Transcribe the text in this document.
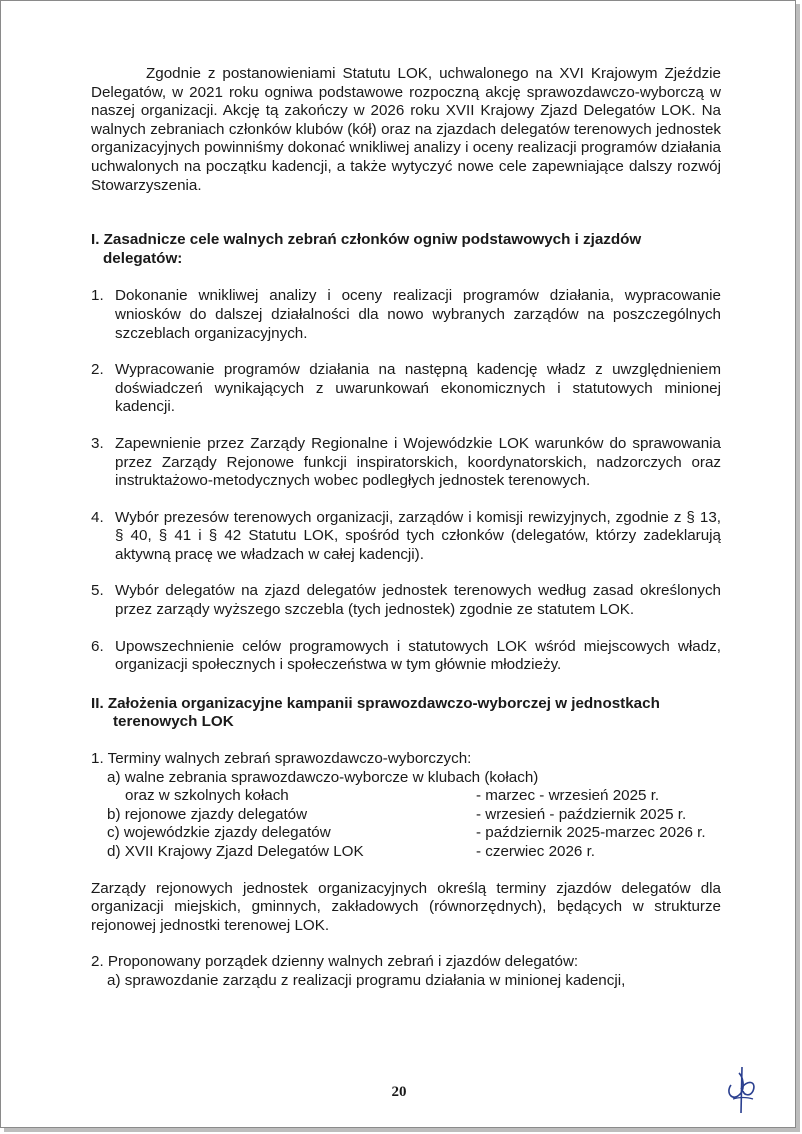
Zgodnie z postanowieniami Statutu LOK, uchwalonego na XVI Krajowym Zjeździe Delegatów, w 2021 roku ogniwa podstawowe rozpoczną akcję sprawozdawczo-wyborczą w naszej organizacji. Akcję tą zakończy w 2026 roku XVII Krajowy Zjazd Delegatów LOK. Na walnych zebraniach członków klubów (kół) oraz na zjazdach delegatów terenowych jednostek organizacyjnych powinniśmy dokonać wnikliwej analizy i oceny realizacji programów działania uchwalonych na początku kadencji, a także wytyczyć nowe cele zapewniające dalszy rozwój Stowarzyszenia.

I. Zasadnicze cele walnych zebrań członków ogniw podstawowych i zjazdów delegatów:

1. Dokonanie wnikliwej analizy i oceny realizacji programów działania, wypracowanie wniosków do dalszej działalności dla nowo wybranych zarządów na poszczególnych szczeblach organizacyjnych.
2. Wypracowanie programów działania na następną kadencję władz z uwzględnieniem doświadczeń wynikających z uwarunkowań ekonomicznych i statutowych minionej kadencji.
3. Zapewnienie przez Zarządy Regionalne i Wojewódzkie LOK warunków do sprawowania przez Zarządy Rejonowe funkcji inspiratorskich, koordynatorskich, nadzorczych oraz instruktażowo-metodycznych wobec podległych jednostek terenowych.
4. Wybór prezesów terenowych organizacji, zarządów i komisji rewizyjnych, zgodnie z § 13, § 40, § 41 i § 42 Statutu LOK, spośród tych członków (delegatów, którzy zadeklarują aktywną pracę we władzach w całej kadencji).
5. Wybór delegatów na zjazd delegatów jednostek terenowych według zasad określonych przez zarządy wyższego szczebla (tych jednostek) zgodnie ze statutem LOK.
6. Upowszechnienie celów programowych i statutowych LOK wśród miejscowych władz, organizacji społecznych i społeczeństwa w tym głównie młodzieży.

II. Założenia organizacyjne kampanii sprawozdawczo-wyborczej w jednostkach terenowych LOK

1. Terminy walnych zebrań sprawozdawczo-wyborczych:

a) walne zebrania sprawozdawczo-wyborcze w klubach (kołach)

oraz w szkolnych kołach	- marzec - wrzesień 2025 r.
b) rejonowe zjazdy delegatów	- wrzesień - październik 2025 r.
c) wojewódzkie zjazdy delegatów	- październik 2025-marzec 2026 r.
d) XVII Krajowy Zjazd Delegatów LOK	- czerwiec 2026 r.

Zarządy rejonowych jednostek organizacyjnych określą terminy zjazdów delegatów dla organizacji miejskich, gminnych, zakładowych (równorzędnych), będących w strukturze rejonowej jednostki terenowej LOK.

2. Proponowany porządek dzienny walnych zebrań i zjazdów delegatów:

a) sprawozdanie zarządu z realizacji programu działania w minionej kadencji,

20
